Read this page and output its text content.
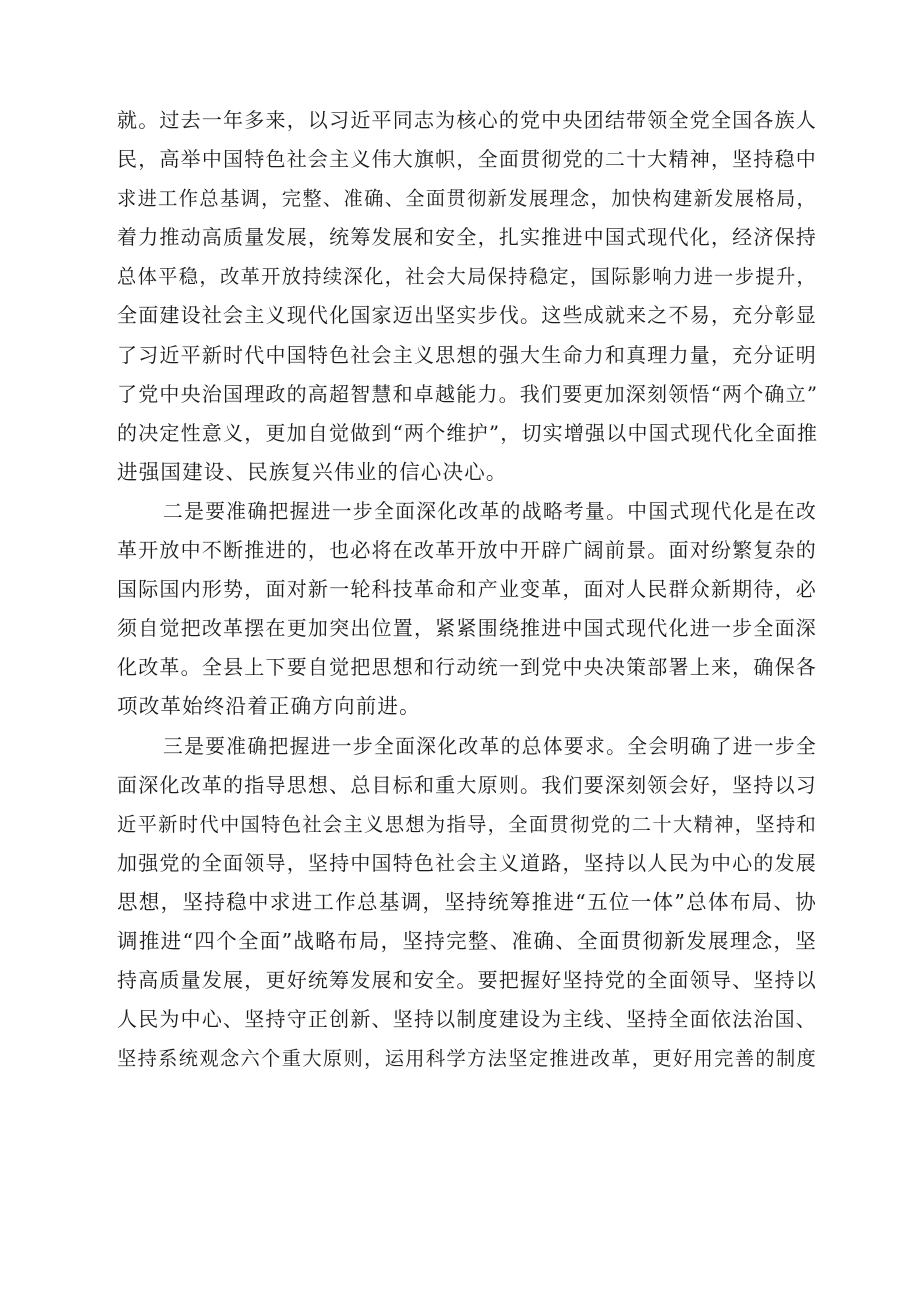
就。过去一年多来，以习近平同志为核心的党中央团结带领全党全国各族人
民，高举中国特色社会主义伟大旗帜，全面贯彻党的二十大精神，坚持稳中
求进工作总基调，完整、准确、全面贯彻新发展理念，加快构建新发展格局，
着力推动高质量发展，统筹发展和安全，扎实推进中国式现代化，经济保持
总体平稳，改革开放持续深化，社会大局保持稳定，国际影响力进一步提升，
全面建设社会主义现代化国家迈出坚实步伐。这些成就来之不易，充分彰显
了习近平新时代中国特色社会主义思想的强大生命力和真理力量，充分证明
了党中央治国理政的高超智慧和卓越能力。我们要更加深刻领悟“两个确立”
的决定性意义，更加自觉做到“两个维护”，切实增强以中国式现代化全面推
进强国建设、民族复兴伟业的信心决心。
二是要准确把握进一步全面深化改革的战略考量。中国式现代化是在改
革开放中不断推进的，也必将在改革开放中开辟广阔前景。面对纷繁复杂的
国际国内形势，面对新一轮科技革命和产业变革，面对人民群众新期待，必
须自觉把改革摆在更加突出位置，紧紧围绕推进中国式现代化进一步全面深
化改革。全县上下要自觉把思想和行动统一到党中央决策部署上来，确保各
项改革始终沿着正确方向前进。
三是要准确把握进一步全面深化改革的总体要求。全会明确了进一步全
面深化改革的指导思想、总目标和重大原则。我们要深刻领会好，坚持以习
近平新时代中国特色社会主义思想为指导，全面贯彻党的二十大精神，坚持和
加强党的全面领导，坚持中国特色社会主义道路，坚持以人民为中心的发展
思想，坚持稳中求进工作总基调，坚持统筹推进“五位一体”总体布局、协
调推进“四个全面”战略布局，坚持完整、准确、全面贯彻新发展理念，坚
持高质量发展，更好统筹发展和安全。要把握好坚持党的全面领导、坚持以
人民为中心、坚持守正创新、坚持以制度建设为主线、坚持全面依法治国、
坚持系统观念六个重大原则，运用科学方法坚定推进改革，更好用完善的制度
